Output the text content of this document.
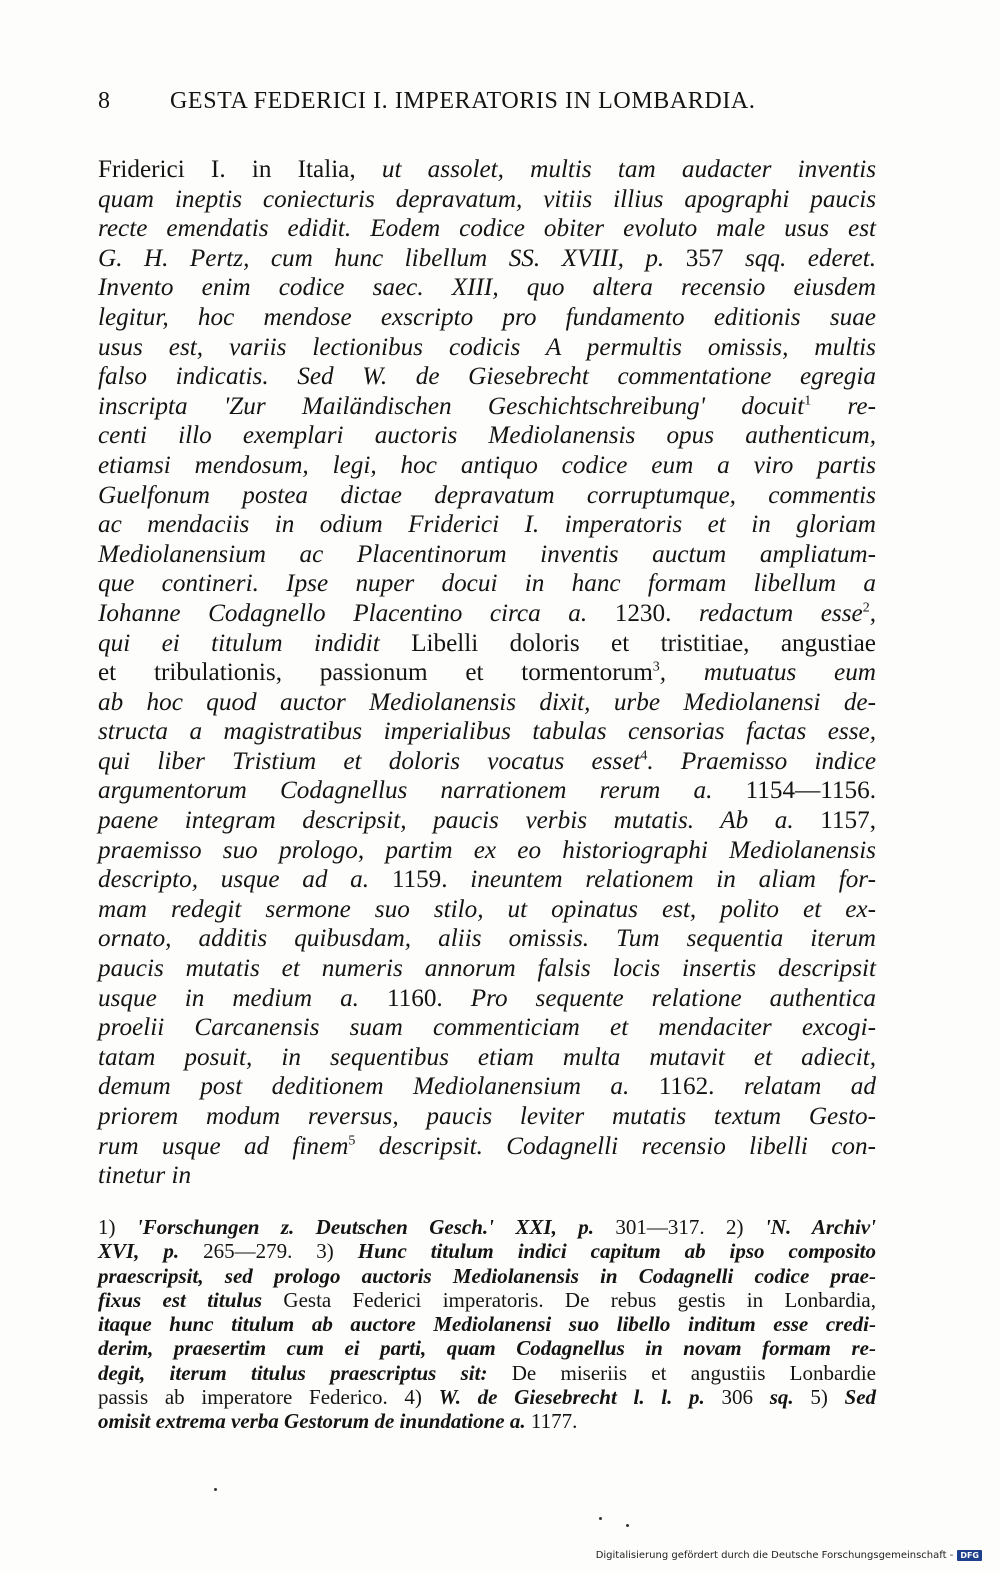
8 GESTA FEDERICI I. IMPERATORIS IN LOMBARDIA.
Friderici I. in Italia, ut assolet, multis tam audacter inventis
quam ineptis coniecturis depravatum, vitiis illius apographi paucis
recte emendatis edidit. Eodem codice obiter evoluto male usus est
G. H. Pertz, cum hunc libellum SS. XVIII, p. 357 sqq. ederet.
Invento enim codice saec. XIII, quo altera recensio eiusdem
legitur, hoc mendose exscripto pro fundamento editionis suae
usus est, variis lectionibus codicis A permultis omissis, multis
falso indicatis. Sed W. de Giesebrecht commentatione egregia
inscripta 'Zur Mailändischen Geschichtschreibung' docuit$^1$ re-
centi illo exemplari auctoris Mediolanensis opus authenticum,
etiamsi mendosum, legi, hoc antiquo codice eum a viro partis
Guelfonum postea dictae depravatum corruptumque, commentis
ac mendaciis in odium Friderici I. imperatoris et in gloriam
Mediolanensium ac Placentinorum inventis auctum ampliatum-
que contineri. Ipse nuper docui in hanc formam libellum a
Iohanne Codagnello Placentino circa a. 1230. redactum esse$^2$,
qui ei titulum indidit Libelli doloris et tristitiae, angustiae
et tribulationis, passionum et tormentorum$^3$, mutuatus eum
ab hoc quod auctor Mediolanensis dixit, urbe Mediolanensi de-
structa a magistratibus imperialibus tabulas censorias factas esse,
qui liber Tristium et doloris vocatus esset$^4$. Praemisso indice
argumentorum Codagnellus narrationem rerum a. 1154—1156.
paene integram descripsit, paucis verbis mutatis. Ab a. 1157,
praemisso suo prologo, partim ex eo historiographi Mediolanensis
descripto, usque ad a. 1159. ineuntem relationem in aliam for-
mam redegit sermone suo stilo, ut opinatus est, polito et ex-
ornato, additis quibusdam, aliis omissis. Tum sequentia iterum
paucis mutatis et numeris annorum falsis locis insertis descripsit
usque in medium a. 1160. Pro sequente relatione authentica
proelii Carcanensis suam commenticiam et mendaciter excogi-
tatam posuit, in sequentibus etiam multa mutavit et adiecit,
demum post deditionem Mediolanensium a. 1162. relatam ad
priorem modum reversus, paucis leviter mutatis textum Gesto-
rum usque ad finem$^5$ descripsit. Codagnelli recensio libelli con-
tinetur in
1) 'Forschungen z. Deutschen Gesch.' XXI, p. 301—317. 2) 'N. Archiv'
XVI, p. 265—279. 3) Hunc titulum indici capitum ab ipso composito
praescripsit, sed prologo auctoris Mediolanensis in Codagnelli codice prae-
fixus est titulus Gesta Federici imperatoris. De rebus gestis in Lonbardia,
itaque hunc titulum ab auctore Mediolanensi suo libello inditum esse credi-
derim, praesertim cum ei parti, quam Codagnellus in novam formam re-
degit, iterum titulus praescriptus sit: De miseriis et angustiis Lonbardie
passis ab imperatore Federico. 4) W. de Giesebrecht l. l. p. 306 sq. 5) Sed
omisit extrema verba Gestorum de inundatione a. 1177.
Digitalisierung gefördert durch die Deutsche Forschungsgemeinschaft - DFG
